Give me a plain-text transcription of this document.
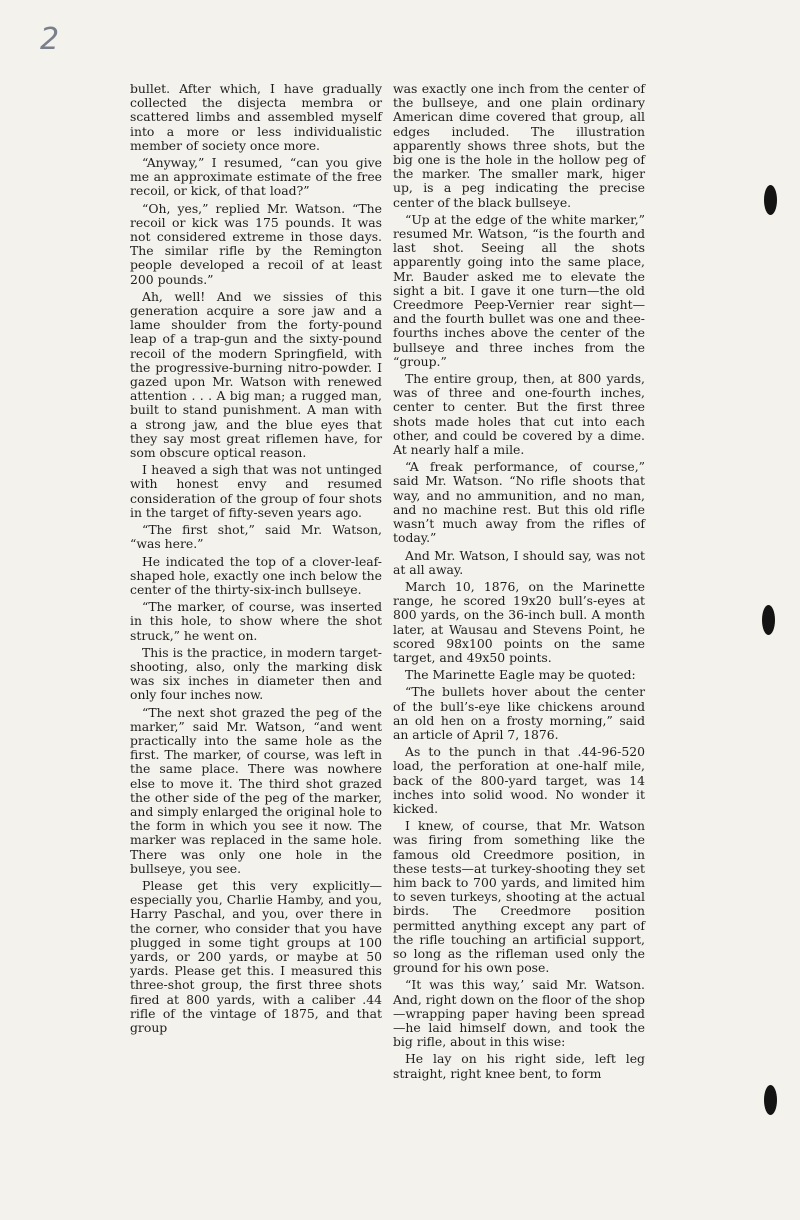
2

bullet. After which, I have gradually collected the disjecta membra or scattered limbs and assembled myself into a more or less individualistic member of society once more.

“Anyway,” I resumed, “can you give me an approximate estimate of the free recoil, or kick, of that load?”

“Oh, yes,” replied Mr. Watson. “The recoil or kick was 175 pounds. It was not considered extreme in those days. The similar rifle by the Remington people developed a recoil of at least 200 pounds.”

Ah, well! And we sissies of this generation acquire a sore jaw and a lame shoulder from the forty-pound leap of a trap-gun and the sixty-pound recoil of the modern Springfield, with the progressive-burning nitro-powder. I gazed upon Mr. Watson with renewed attention . . . A big man; a rugged man, built to stand punishment. A man with a strong jaw, and the blue eyes that they say most great riflemen have, for som obscure optical reason.

I heaved a sigh that was not untinged with honest envy and resumed consideration of the group of four shots in the target of fifty-seven years ago.

“The first shot,” said Mr. Watson, “was here.”

He indicated the top of a clover-leaf-shaped hole, exactly one inch below the center of the thirty-six-inch bullseye.

“The marker, of course, was inserted in this hole, to show where the shot struck,” he went on.

This is the practice, in modern target-shooting, also, only the marking disk was six inches in diameter then and only four inches now.

“The next shot grazed the peg of the marker,” said Mr. Watson, “and went practically into the same hole as the first. The marker, of course, was left in the same place. There was nowhere else to move it. The third shot grazed the other side of the peg of the marker, and simply enlarged the original hole to the form in which you see it now. The marker was replaced in the same hole. There was only one hole in the bullseye, you see.

Please get this very explicitly—especially you, Charlie Hamby, and you, Harry Paschal, and you, over there in the corner, who consider that you have plugged in some tight groups at 100 yards, or 200 yards, or maybe at 50 yards. Please get this. I measured this three-shot group, the first three shots fired at 800 yards, with a caliber .44 rifle of the vintage of 1875, and that group

was exactly one inch from the center of the bullseye, and one plain ordinary American dime covered that group, all edges included. The illustration apparently shows three shots, but the big one is the hole in the hollow peg of the marker. The smaller mark, higer up, is a peg indicating the precise center of the black bullseye.

“Up at the edge of the white marker,” resumed Mr. Watson, “is the fourth and last shot. Seeing all the shots apparently going into the same place, Mr. Bauder asked me to elevate the sight a bit. I gave it one turn—the old Creedmore Peep-Vernier rear sight—and the fourth bullet was one and thee-fourths inches above the center of the bullseye and three inches from the “group.”

The entire group, then, at 800 yards, was of three and one-fourth inches, center to center. But the first three shots made holes that cut into each other, and could be covered by a dime. At nearly half a mile.

“A freak performance, of course,” said Mr. Watson. “No rifle shoots that way, and no ammunition, and no man, and no machine rest. But this old rifle wasn’t much away from the rifles of today.”

And Mr. Watson, I should say, was not at all away.

March 10, 1876, on the Marinette range, he scored 19x20 bull’s-eyes at 800 yards, on the 36-inch bull. A month later, at Wausau and Stevens Point, he scored 98x100 points on the same target, and 49x50 points.

The Marinette Eagle may be quoted:

“The bullets hover about the center of the bull’s-eye like chickens around an old hen on a frosty morning,” said an article of April 7, 1876.

As to the punch in that .44-96-520 load, the perforation at one-half mile, back of the 800-yard target, was 14 inches into solid wood. No wonder it kicked.

I knew, of course, that Mr. Watson was firing from something like the famous old Creedmore position, in these tests—at turkey-shooting they set him back to 700 yards, and limited him to seven turkeys, shooting at the actual birds. The Creedmore position permitted anything except any part of the rifle touching an artificial support, so long as the rifleman used only the ground for his own pose.

“It was this way,’ said Mr. Watson. And, right down on the floor of the shop—wrapping paper having been spread—he laid himself down, and took the big rifle, about in this wise:

He lay on his right side, left leg straight, right knee bent, to form
